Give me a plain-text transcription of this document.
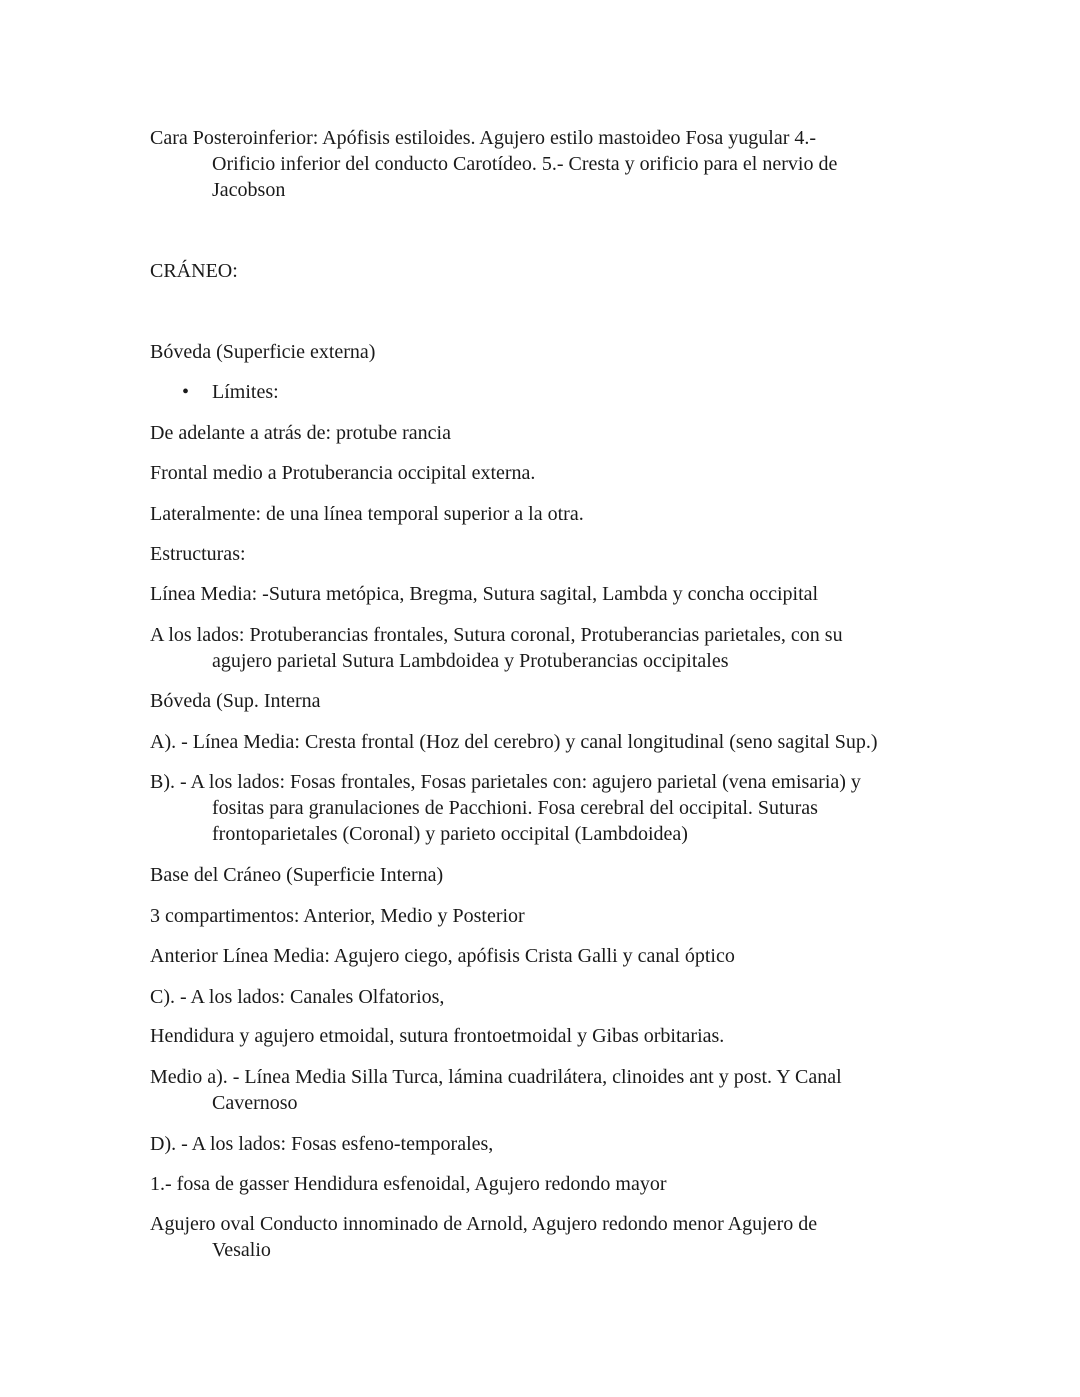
Cara Posteroinferior: Apófisis estiloides. Agujero estilo mastoideo Fosa yugular 4.-
Orificio inferior del conducto Carotídeo. 5.- Cresta y orificio para el nervio de
Jacobson
CRÁNEO:
Bóveda (Superficie externa)
• Límites:
De adelante a atrás de: protube rancia
Frontal medio a Protuberancia occipital externa.
Lateralmente: de una línea temporal superior a la otra.
Estructuras:
Línea Media: -Sutura metópica, Bregma, Sutura sagital, Lambda y concha occipital
A los lados: Protuberancias frontales, Sutura coronal, Protuberancias parietales, con su
agujero parietal Sutura Lambdoidea y Protuberancias occipitales
Bóveda (Sup. Interna
A). - Línea Media: Cresta frontal (Hoz del cerebro) y canal longitudinal (seno sagital Sup.)
B). - A los lados: Fosas frontales, Fosas parietales con: agujero parietal (vena emisaria) y
fositas para granulaciones de Pacchioni. Fosa cerebral del occipital. Suturas
frontoparietales (Coronal) y parieto occipital (Lambdoidea)
Base del Cráneo (Superficie Interna)
3 compartimentos: Anterior, Medio y Posterior
Anterior Línea Media: Agujero ciego, apófisis Crista Galli y canal óptico
C). - A los lados: Canales Olfatorios,
Hendidura y agujero etmoidal, sutura frontoetmoidal y Gibas orbitarias.
Medio a). - Línea Media Silla Turca, lámina cuadrilátera, clinoides ant y post. Y Canal
Cavernoso
D). - A los lados: Fosas esfeno-temporales,
1.- fosa de gasser Hendidura esfenoidal, Agujero redondo mayor
Agujero oval Conducto innominado de Arnold, Agujero redondo menor Agujero de
Vesalio
